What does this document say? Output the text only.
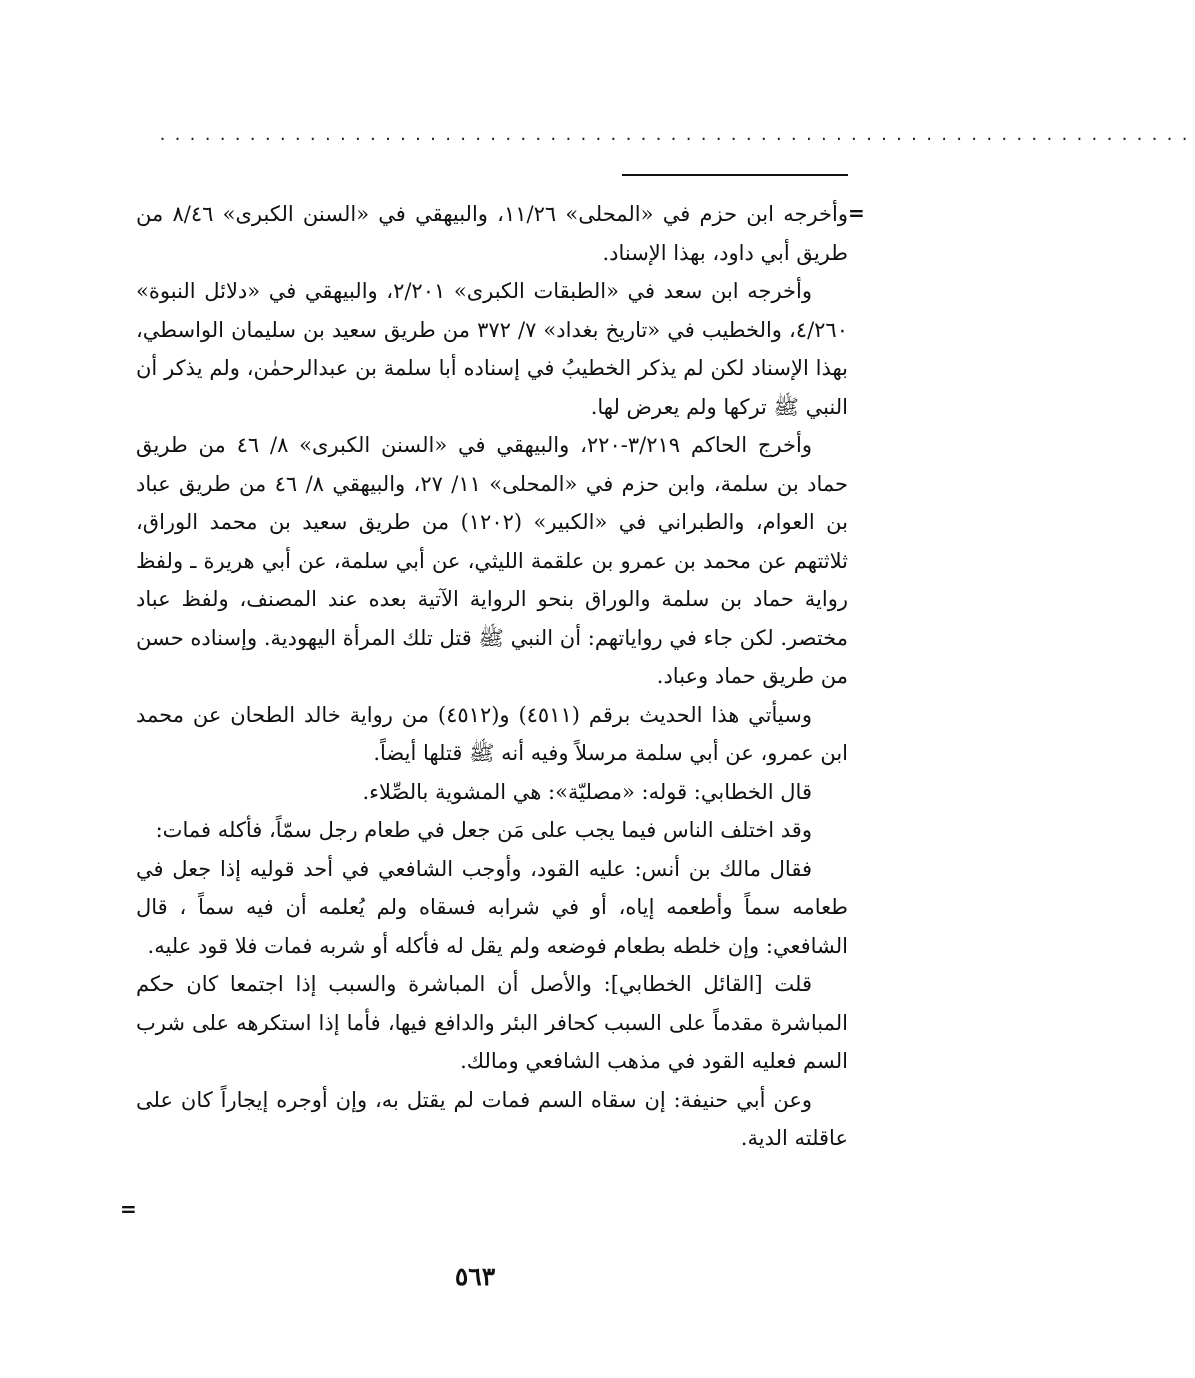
·····································································
=

وأخرجه ابن حزم في «المحلى» ١١/٢٦، والبيهقي في «السنن الكبرى» ٨/٤٦ من طريق أبي داود، بهذا الإسناد.

وأخرجه ابن سعد في «الطبقات الكبرى» ٢/٢٠١، والبيهقي في «دلائل النبوة» ٤/٢٦٠، والخطيب في «تاريخ بغداد» ٧/ ٣٧٢ من طريق سعيد بن سليمان الواسطي، بهذا الإسناد لكن لم يذكر الخطيبُ في إسناده أبا سلمة بن عبدالرحمٰن، ولم يذكر أن النبي ﷺ تركها ولم يعرض لها.

وأخرج الحاكم ٣/٢١٩-٢٢٠، والبيهقي في «السنن الكبرى» ٨/ ٤٦ من طريق حماد بن سلمة، وابن حزم في «المحلى» ١١/ ٢٧، والبيهقي ٨/ ٤٦ من طريق عباد بن العوام، والطبراني في «الكبير» (١٢٠٢) من طريق سعيد بن محمد الوراق، ثلاثتهم عن محمد بن عمرو بن علقمة الليثي، عن أبي سلمة، عن أبي هريرة ـ ولفظ رواية حماد بن سلمة والوراق بنحو الرواية الآتية بعده عند المصنف، ولفظ عباد مختصر. لكن جاء في رواياتهم: أن النبي ﷺ قتل تلك المرأة اليهودية. وإسناده حسن من طريق حماد وعباد.

وسيأتي هذا الحديث برقم (٤٥١١) و(٤٥١٢) من رواية خالد الطحان عن محمد ابن عمرو، عن أبي سلمة مرسلاً وفيه أنه ﷺ قتلها أيضاً.

قال الخطابي: قوله: «مصليّة»: هي المشوية بالصِّلاء.

وقد اختلف الناس فيما يجب على مَن جعل في طعام رجل سمّاً، فأكله فمات:

فقال مالك بن أنس: عليه القود، وأوجب الشافعي في أحد قوليه إذا جعل في طعامه سماً وأطعمه إياه، أو في شرابه فسقاه ولم يُعلمه أن فيه سماً ، قال الشافعي: وإن خلطه بطعام فوضعه ولم يقل له فأكله أو شربه فمات فلا قود عليه.

قلت [القائل الخطابي]: والأصل أن المباشرة والسبب إذا اجتمعا كان حكم المباشرة مقدماً على السبب كحافر البئر والدافع فيها، فأما إذا استكرهه على شرب السم فعليه القود في مذهب الشافعي ومالك.

وعن أبي حنيفة: إن سقاه السم فمات لم يقتل به، وإن أوجره إيجاراً كان على عاقلته الدية.

=
٥٦٣
